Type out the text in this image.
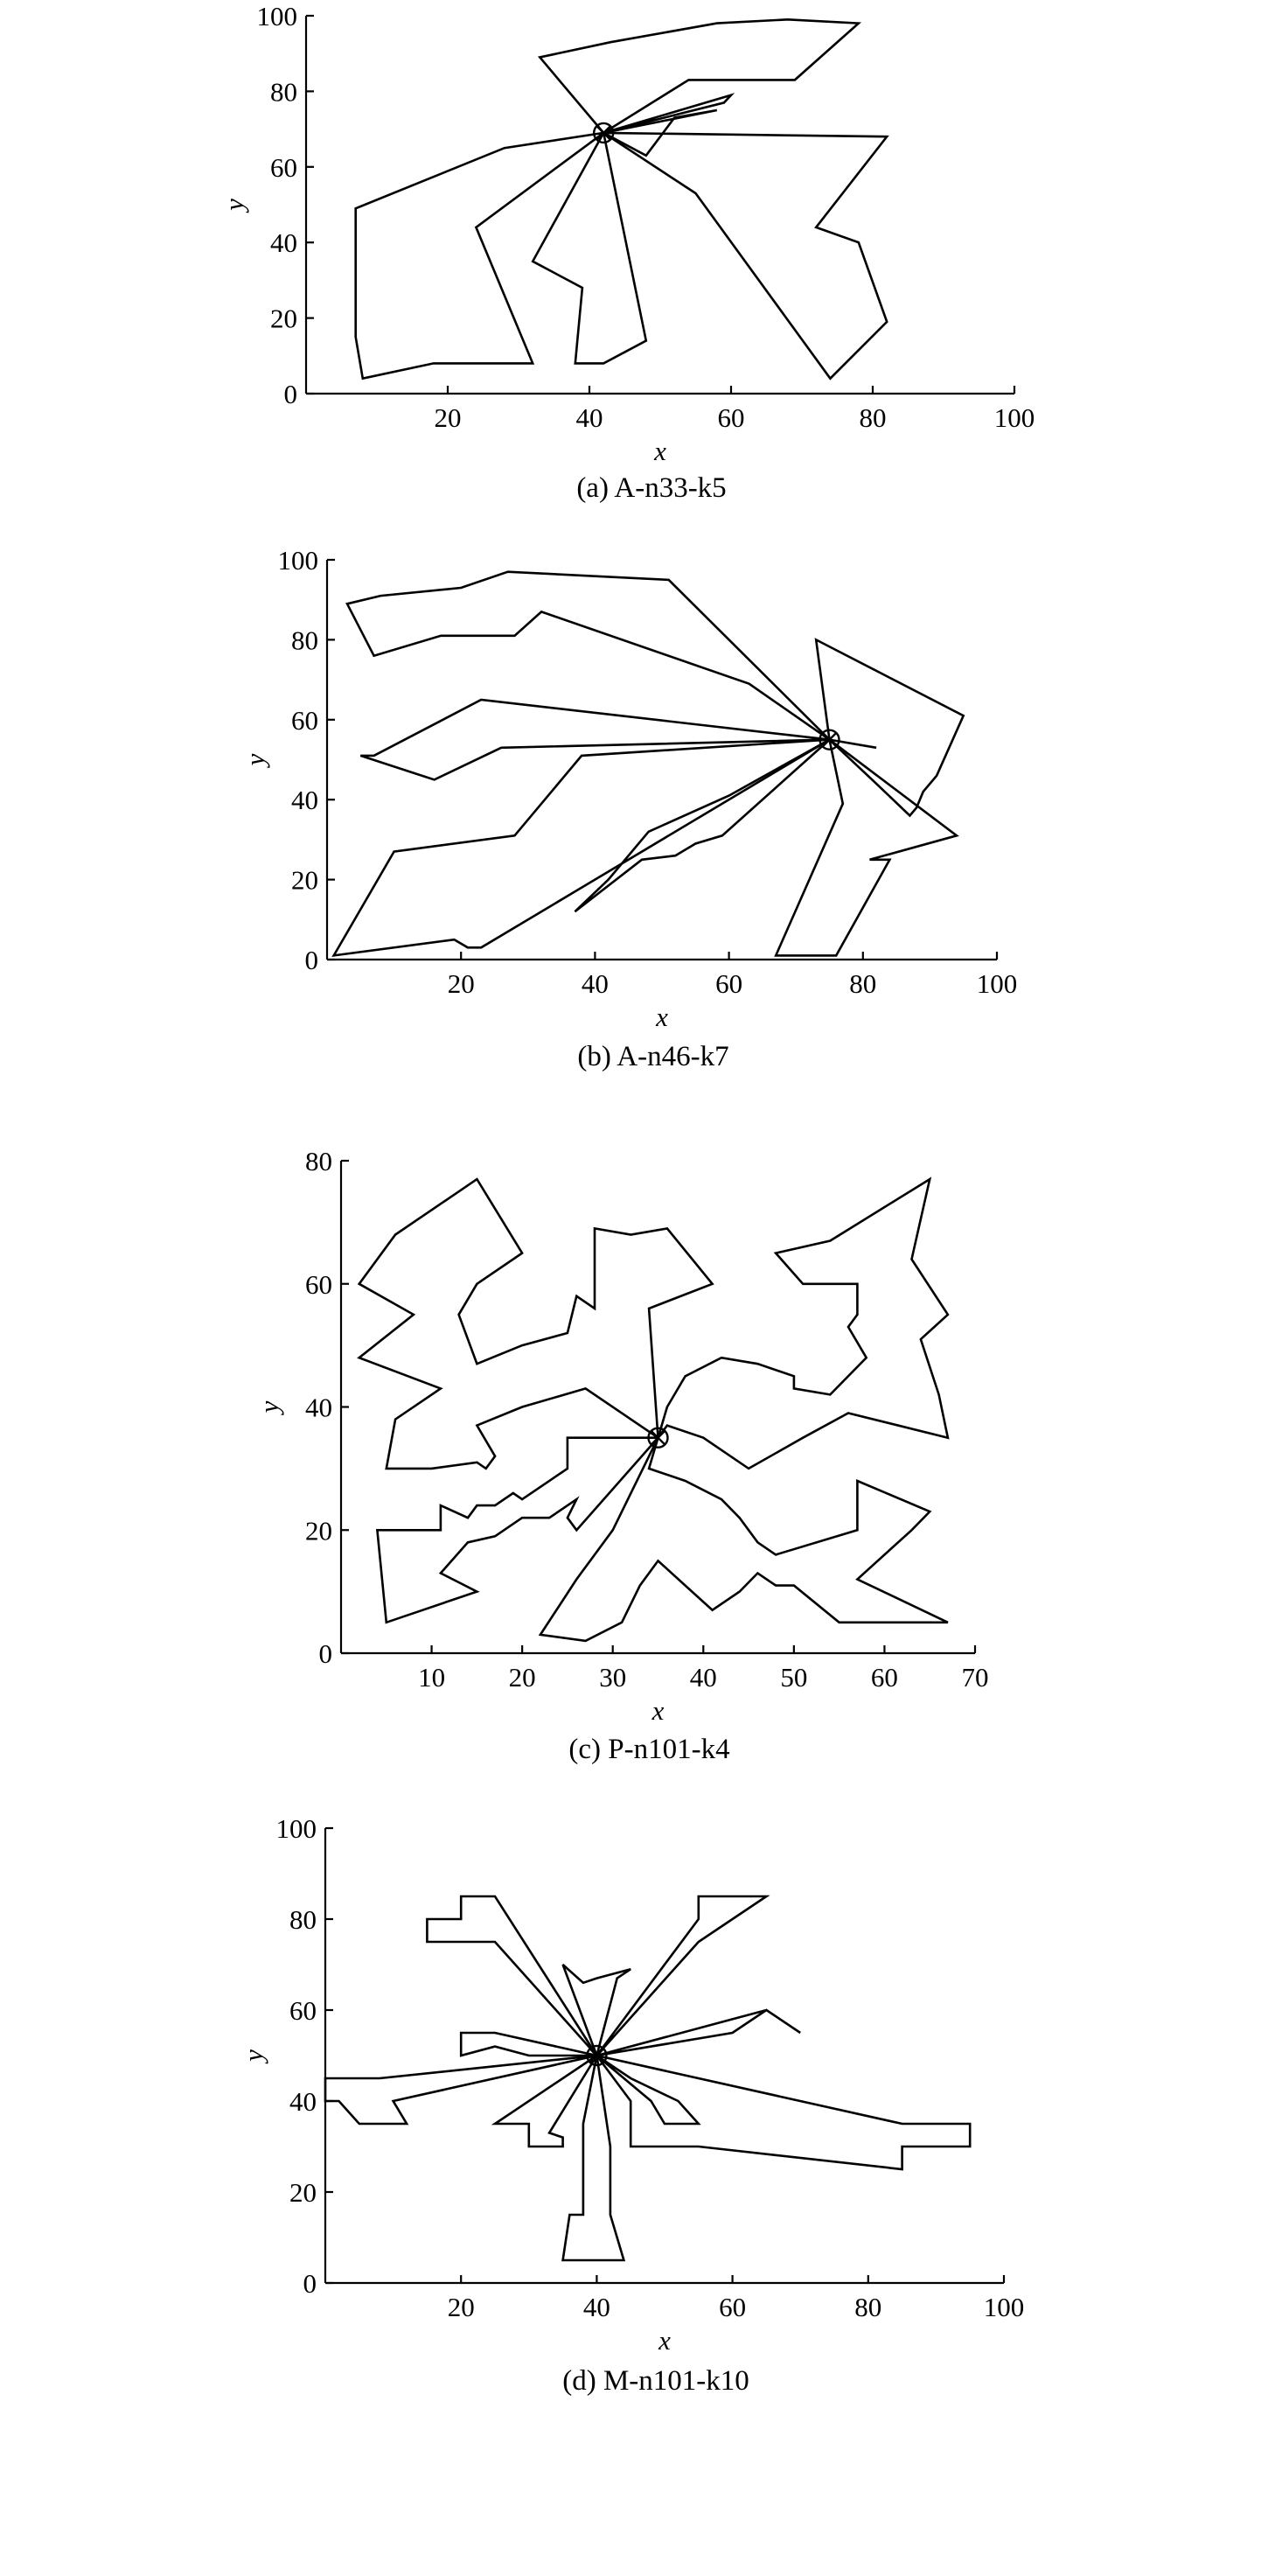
20	40	60	80	100
0
20
40
60
80
100
x
y
(a) A-n33-k5
20	40	60	80	100
0
20
40
60
80
100
x
y
(b) A-n46-k7
10 20 30 40 50 60 70
0
20
40
60
80
x
y
(c) P-n101-k4
20	40	60	80	100
0
20
40
60
80
100
x
y
(d) M-n101-k10
